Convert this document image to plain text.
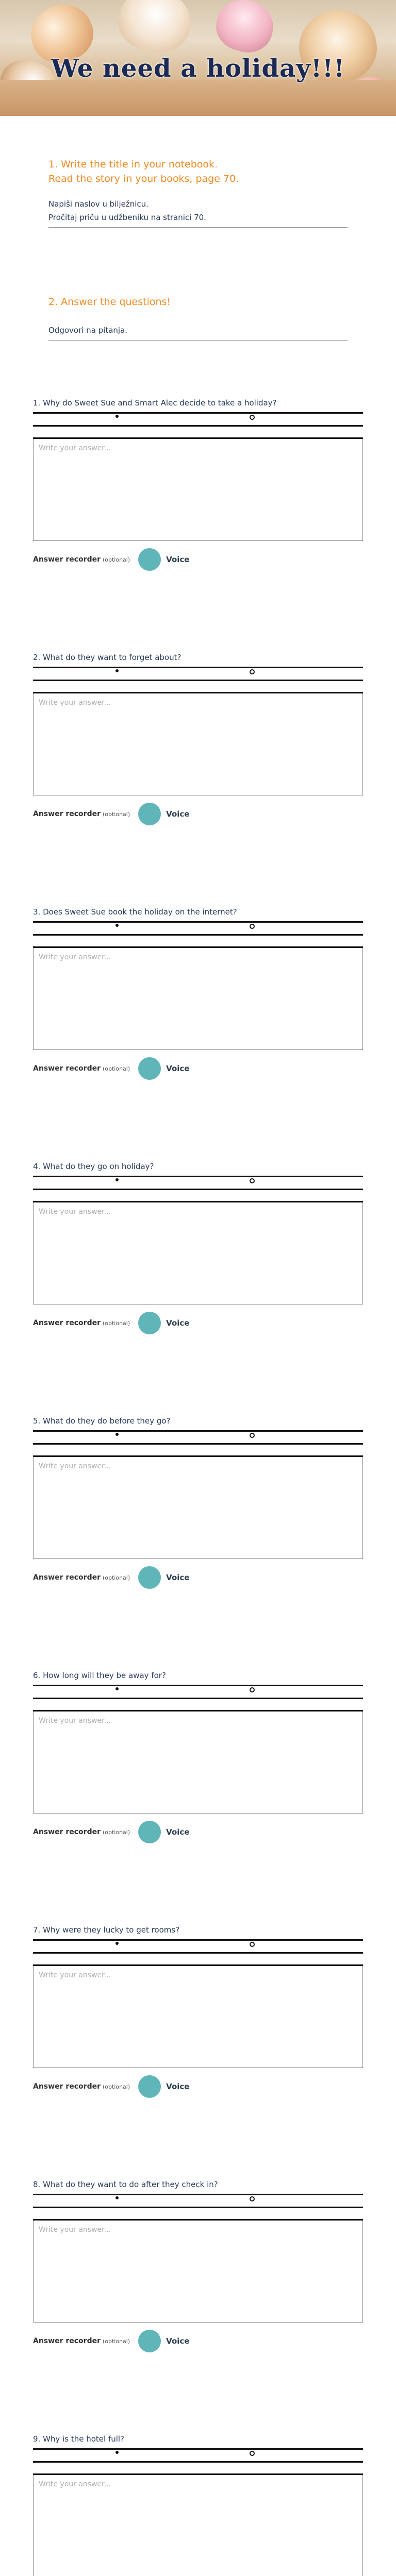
We need a holiday!!!
1. Write the title in your notebook.
Read the story in your books, page 70.
Napiši naslov u bilježnicu.
Pročitaj priču u udžbeniku na stranici 70.
2. Answer the questions!
Odgovori na pitanja.
1. Why do Sweet Sue and Smart Alec decide to take a holiday?
Write your answer...
Answer recorder (optional)	Voice
2. What do they want to forget about?
Write your answer...
Answer recorder (optional)	Voice
3. Does Sweet Sue book the holiday on the internet?
Write your answer...
Answer recorder (optional)	Voice
4. What do they go on holiday?
Write your answer...
Answer recorder (optional)	Voice
5. What do they do before they go?
Write your answer...
Answer recorder (optional)	Voice
6. How long will they be away for?
Write your answer...
Answer recorder (optional)	Voice
7. Why were they lucky to get rooms?
Write your answer...
Answer recorder (optional)	Voice
8. What do they want to do after they check in?
Write your answer...
Answer recorder (optional)	Voice
9. Why is the hotel full?
Write your answer...
